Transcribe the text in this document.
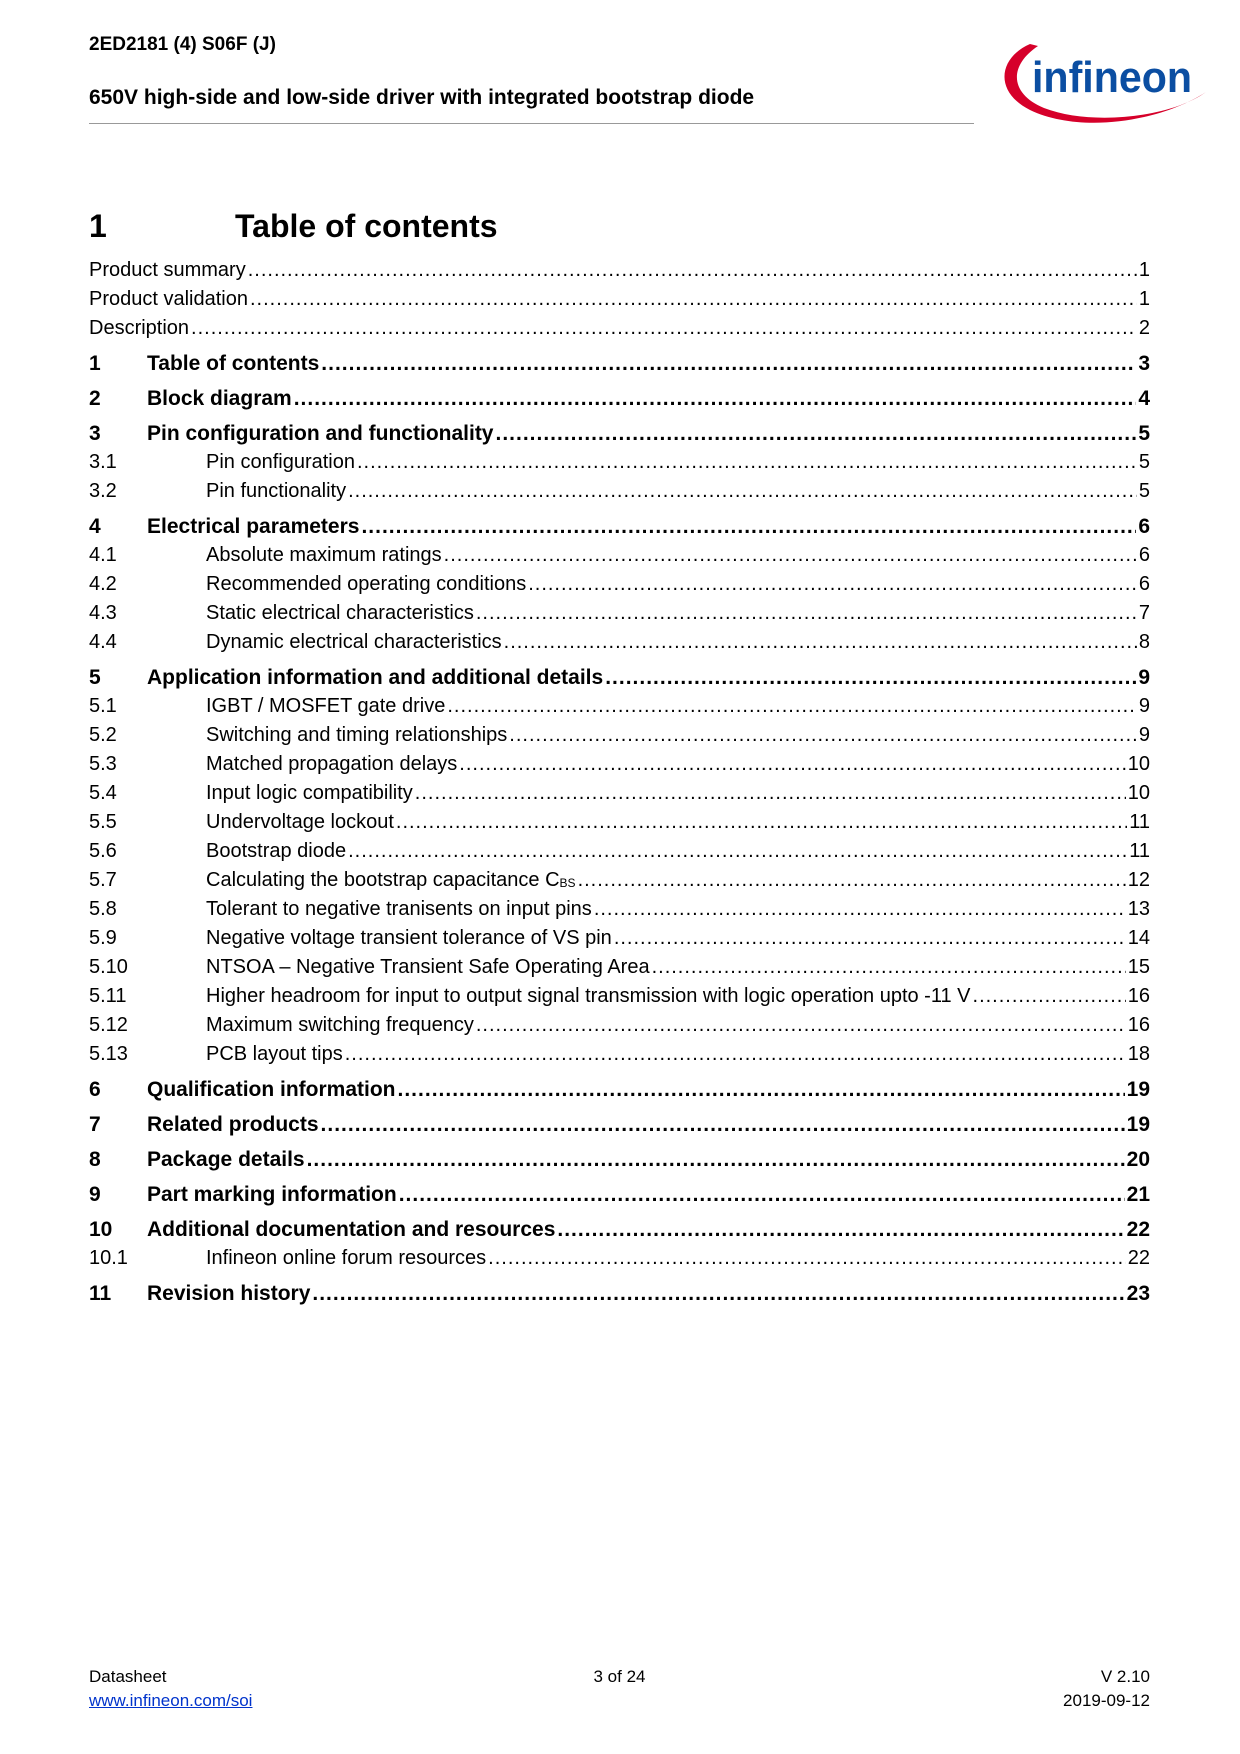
2ED2181 (4) S06F (J)
650V high-side and low-side driver with integrated bootstrap diode	infineon
1	Table of contents
Product summary .....	1
Product validation .....	1
Description .....	2
1	Table of contents .....	3
2	Block diagram .....	4
3	Pin configuration and functionality .....	5
3.1	Pin configuration .....	5
3.2	Pin functionality .....	5
4	Electrical parameters .....	6
4.1	Absolute maximum ratings .....	6
4.2	Recommended operating conditions .....	6
4.3	Static electrical characteristics .....	7
4.4	Dynamic electrical characteristics .....	8
5	Application information and additional details .....	9
5.1	IGBT / MOSFET gate drive .....	9
5.2	Switching and timing relationships .....	9
5.3	Matched propagation delays .....	10
5.4	Input logic compatibility .....	10
5.5	Undervoltage lockout .....	11
5.6	Bootstrap diode .....	11
5.7	Calculating the bootstrap capacitance $C_{BS}$ .....	12
5.8	Tolerant to negative tranisents on input pins .....	13
5.9	Negative voltage transient tolerance of VS pin .....	14
5.10	NTSOA – Negative Transient Safe Operating Area .....	15
5.11	Higher headroom for input to output signal transmission with logic operation upto -11 V .....	16
5.12	Maximum switching frequency .....	16
5.13	PCB layout tips .....	18
6	Qualification information .....	19
7	Related products .....	19
8	Package details .....	20
9	Part marking information .....	21
10	Additional documentation and resources .....	22
10.1	Infineon online forum resources .....	22
11	Revision history .....	23
Datasheet	3 of 24	V 2.10
www.infineon.com/soi	2019-09-12
